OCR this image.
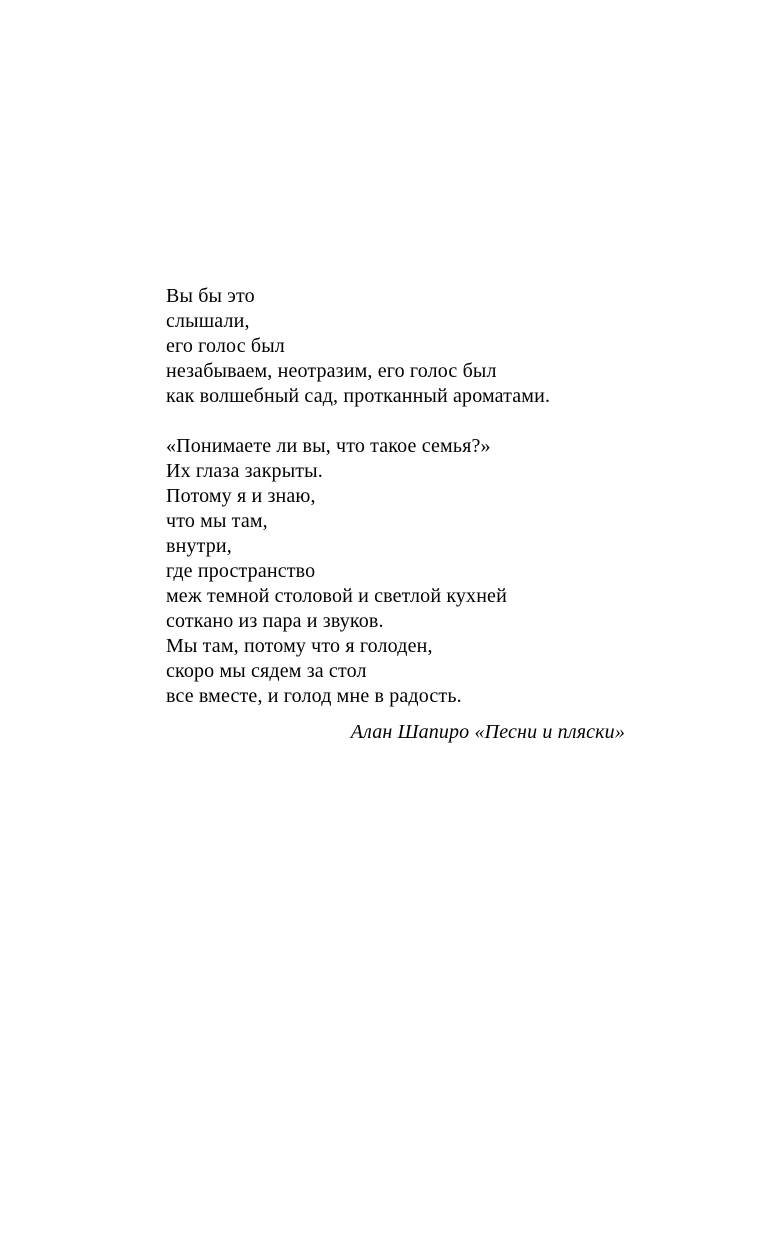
Вы бы это
слышали,
его голос был
незабываем, неотразим, его голос был
как волшебный сад, протканный ароматами.
«Понимаете ли вы, что такое семья?»
Их глаза закрыты.
Потому я и знаю,
что мы там,
внутри,
где пространство
меж темной столовой и светлой кухней
соткано из пара и звуков.
Мы там, потому что я голоден,
скоро мы сядем за стол
все вместе, и голод мне в радость.
Алан Шапиро «Песни и пляски»
